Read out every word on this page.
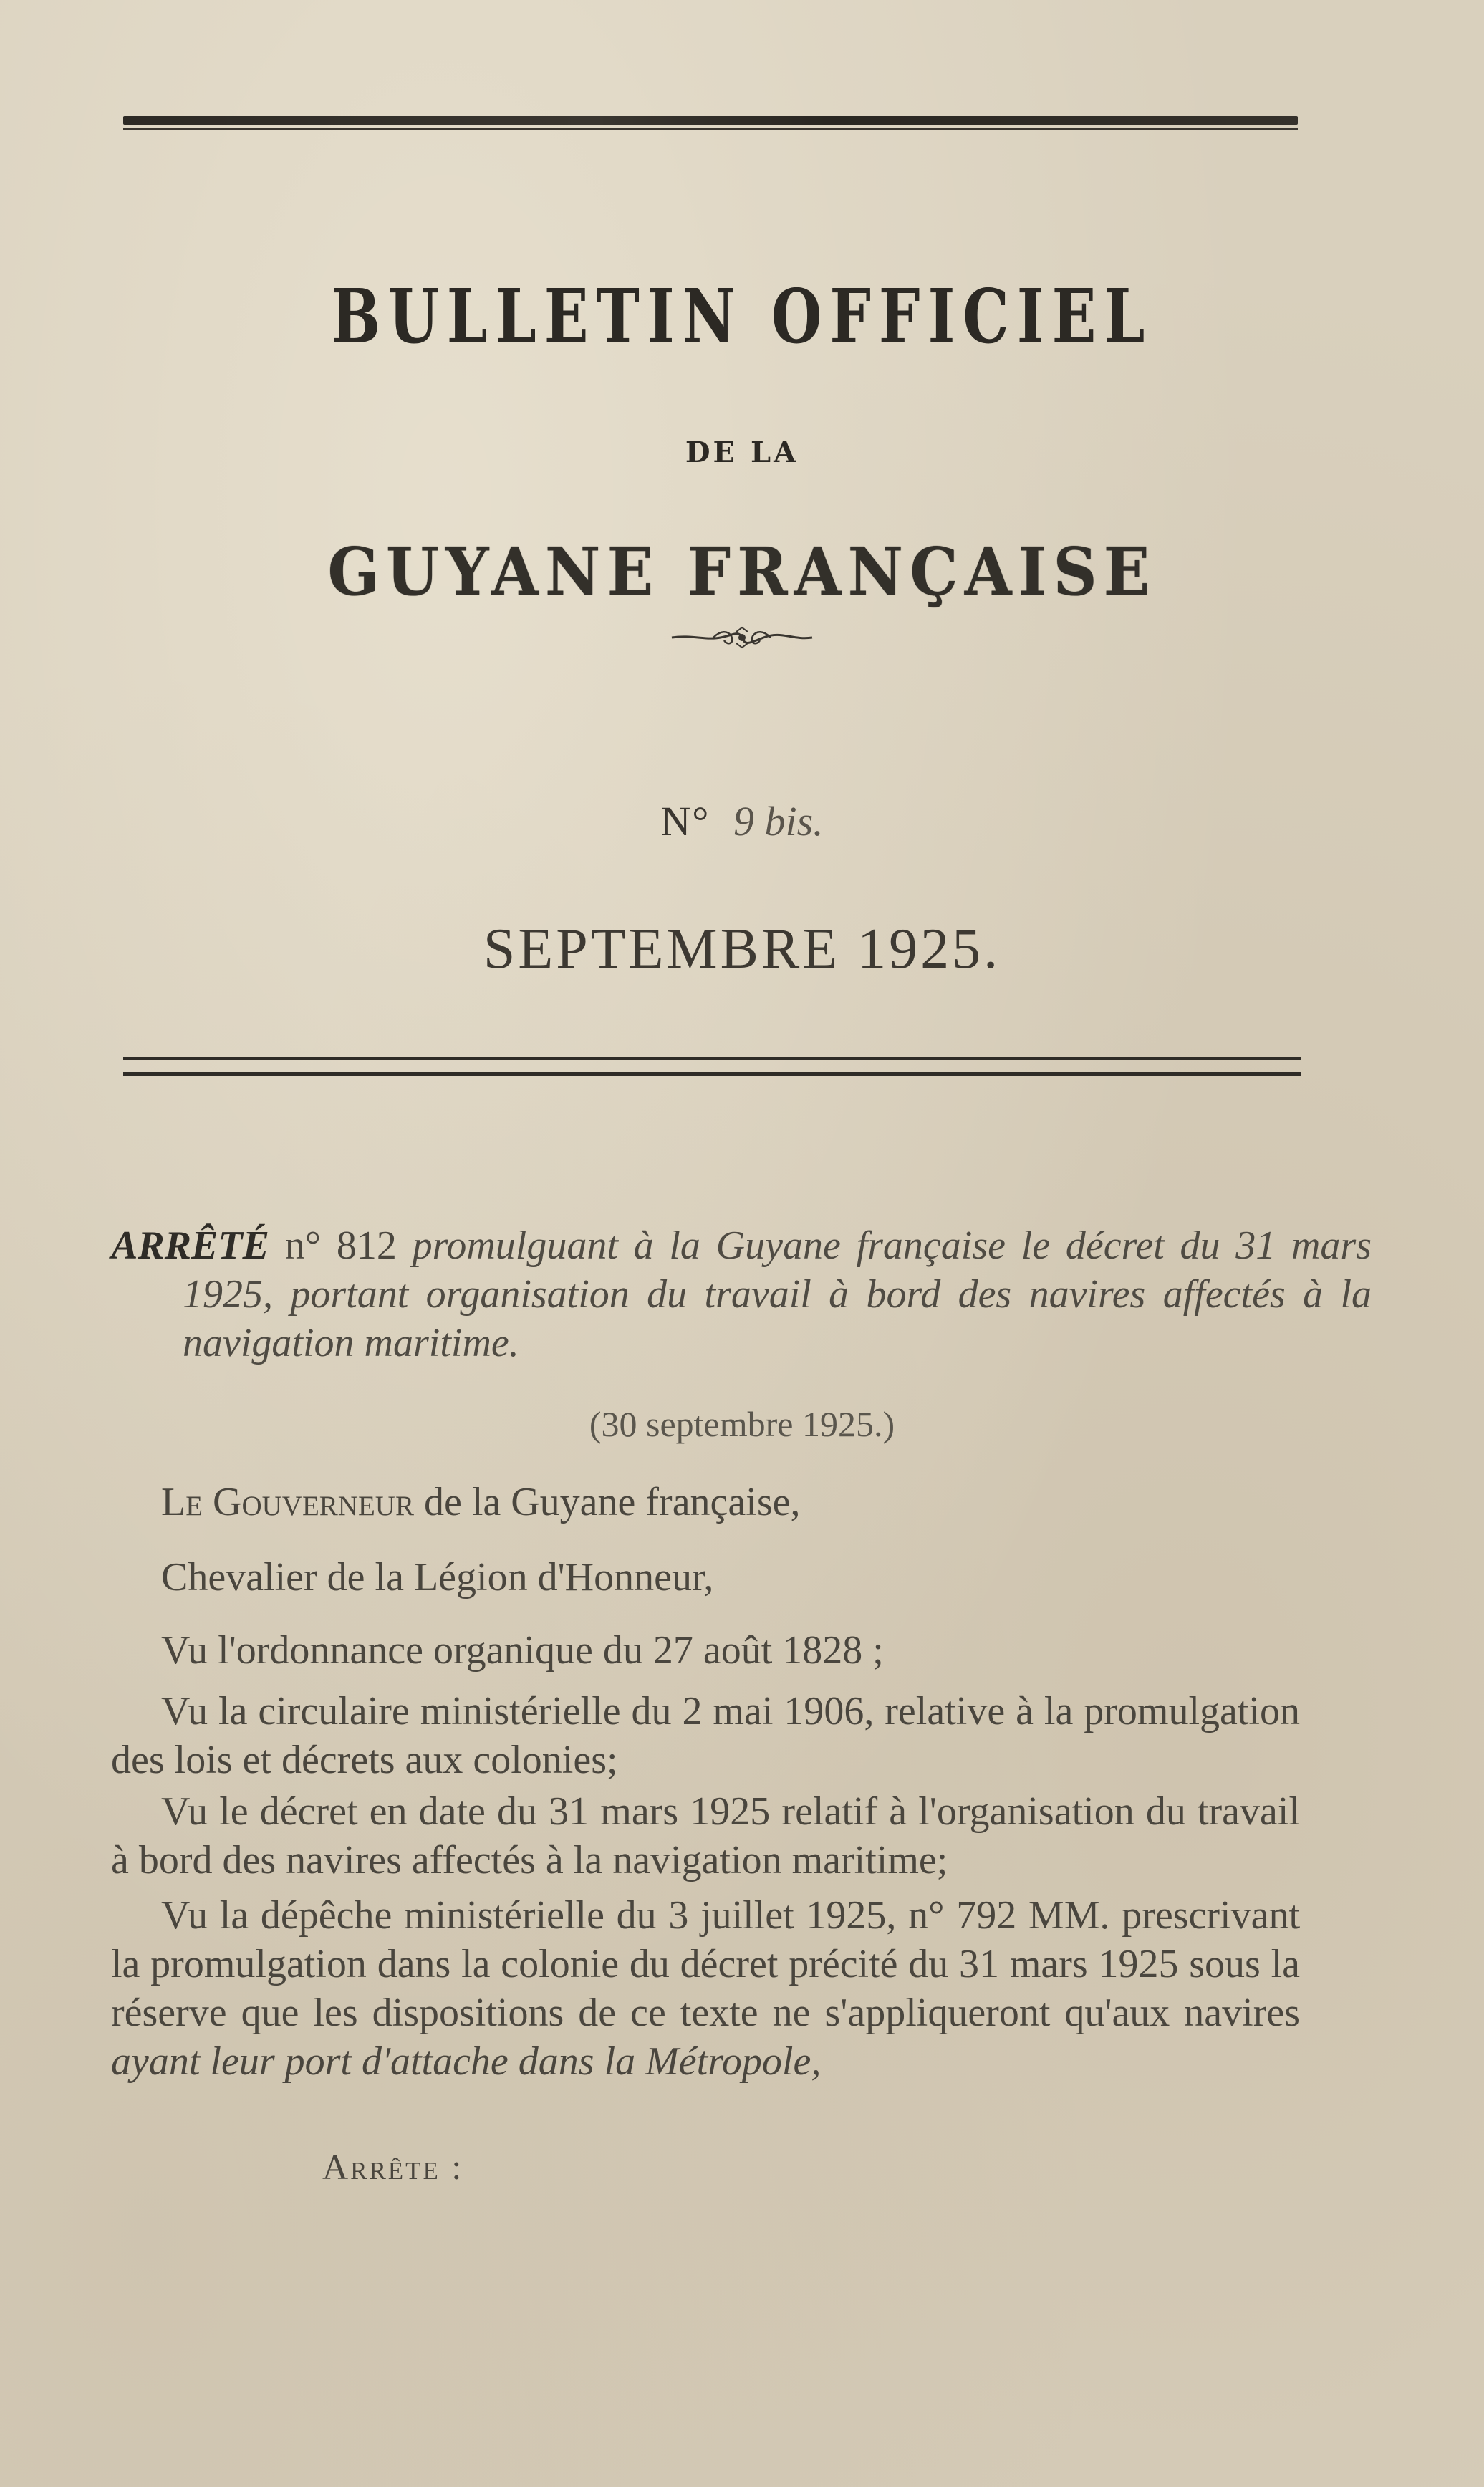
BULLETIN OFFICIEL
DE LA
GUYANE FRANÇAISE
N° 9 bis.
SEPTEMBRE 1925.
ARRÊTÉ n° 812 promulguant à la Guyane française le décret du 31 mars 1925, portant organisation du travail à bord des navires affectés à la navigation maritime.
(30 septembre 1925.)
Le Gouverneur de la Guyane française,
Chevalier de la Légion d'Honneur,
Vu l'ordonnance organique du 27 août 1828 ;
Vu la circulaire ministérielle du 2 mai 1906, relative à la promulgation des lois et décrets aux colonies;
Vu le décret en date du 31 mars 1925 relatif à l'organisation du travail à bord des navires affectés à la navigation maritime;
Vu la dépêche ministérielle du 3 juillet 1925, n° 792 MM. prescrivant la promulgation dans la colonie du décret précité du 31 mars 1925 sous la réserve que les dispositions de ce texte ne s'appliqueront qu'aux navires ayant leur port d'attache dans la Métropole,
Arrête :
